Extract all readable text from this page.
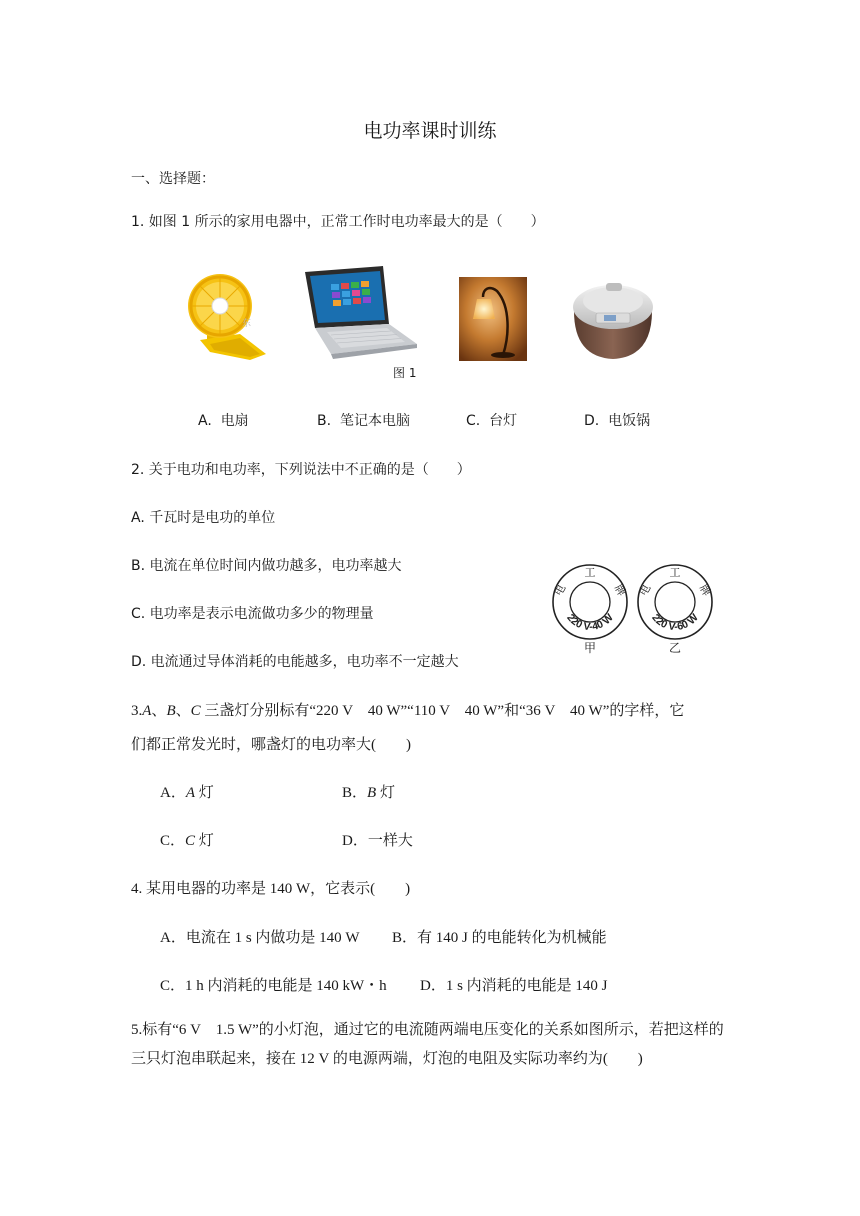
电功率课时训练
一、选择题：
1. 如图 1 所示的家用电器中，正常工作时电功率最大的是（　　）
东
图 1
A. 电扇	B. 笔记本电脑	C. 台灯	D. 电饭锅
2. 关于电功和电功率，下列说法中不正确的是（　　）
A. 千瓦时是电功的单位
B. 电流在单位时间内做功越多，电功率越大
C. 电功率是表示电流做功多少的物理量
D. 电流通过导体消耗的电能越多，电功率不一定越大
工
电	牌
220 V-40 W
甲
工
电	牌
220 V-60 W
乙
3.A、B、C 三盏灯分别标有“220 V　40 W”“110 V　40 W”和“36 V　40 W”的字样，它
们都正常发光时，哪盏灯的电功率大(　　)
A．A 灯	B．B 灯
C．C 灯	D．一样大
4. 某用电器的功率是 140 W，它表示(　　)
A．电流在 1 s 内做功是 140 W B．有 140 J 的电能转化为机械能
C．1 h 内消耗的电能是 140 kW・h D．1 s 内消耗的电能是 140 J
5.标有“6 V　1.5 W”的小灯泡，通过它的电流随两端电压变化的关系如图所示，若把这样的
三只灯泡串联起来，接在 12 V 的电源两端，灯泡的电阻及实际功率约为(　　)
